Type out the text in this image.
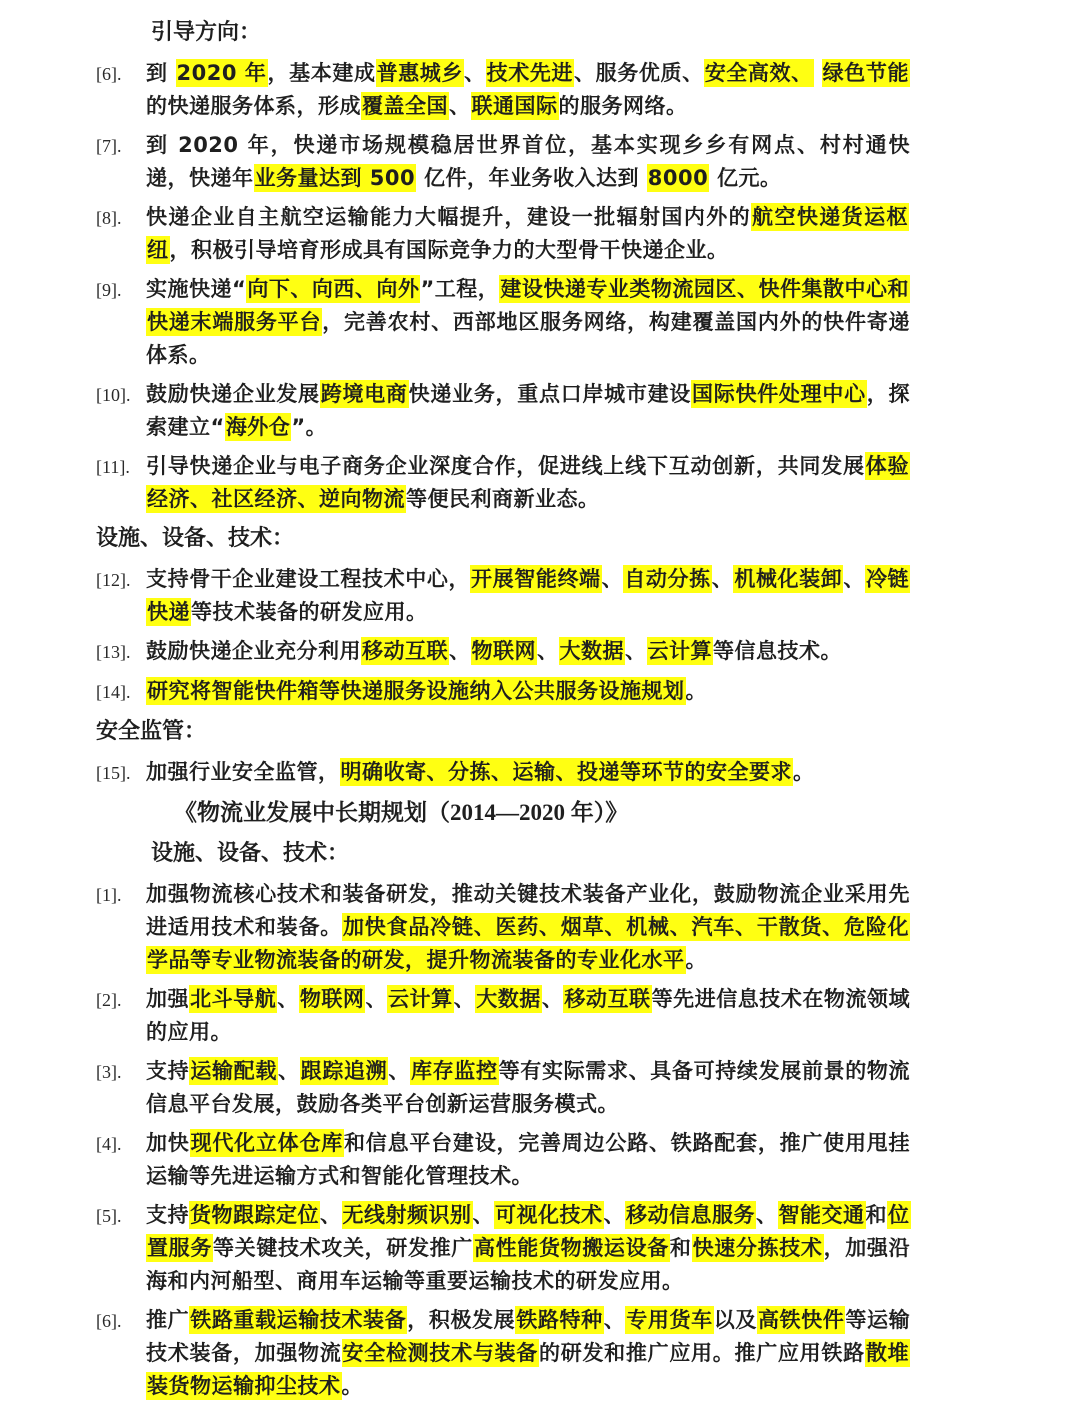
引导方向：
[6].	到 2020 年，基本建成普惠城乡、技术先进、服务优质、安全高效、 绿色节能的快递服务体系，形成覆盖全国、联通国际的服务网络。
[7].	到 2020 年，快递市场规模稳居世界首位，基本实现乡乡有网点、村村通快递，快递年业务量达到 500 亿件，年业务收入达到 8000 亿元。
[8].	快递企业自主航空运输能力大幅提升，建设一批辐射国内外的航空快递货运枢纽，积极引导培育形成具有国际竞争力的大型骨干快递企业。
[9].	实施快递“向下、向西、向外”工程，建设快递专业类物流园区、快件集散中心和快递末端服务平台，完善农村、西部地区服务网络，构建覆盖国内外的快件寄递体系。
[10]. 鼓励快递企业发展跨境电商快递业务，重点口岸城市建设国际快件处理中心，探索建立“海外仓”。
[11]. 引导快递企业与电子商务企业深度合作，促进线上线下互动创新，共同发展体验经济、社区经济、逆向物流等便民利商新业态。
设施、设备、技术：
[12]. 支持骨干企业建设工程技术中心，开展智能终端、自动分拣、机械化装卸、冷链快递等技术装备的研发应用。
[13]. 鼓励快递企业充分利用移动互联、物联网、大数据、云计算等信息技术。
[14]. 研究将智能快件箱等快递服务设施纳入公共服务设施规划。
安全监管：
[15]. 加强行业安全监管，明确收寄、分拣、运输、投递等环节的安全要求。
《物流业发展中长期规划（2014—2020 年）》
设施、设备、技术：
[1].	加强物流核心技术和装备研发，推动关键技术装备产业化，鼓励物流企业采用先进适用技术和装备。加快食品冷链、医药、烟草、机械、汽车、干散货、危险化学品等专业物流装备的研发，提升物流装备的专业化水平。
[2].	加强北斗导航、物联网、云计算、大数据、移动互联等先进信息技术在物流领域的应用。
[3].	支持运输配载、跟踪追溯、库存监控等有实际需求、具备可持续发展前景的物流信息平台发展，鼓励各类平台创新运营服务模式。
[4].	加快现代化立体仓库和信息平台建设，完善周边公路、铁路配套，推广使用甩挂运输等先进运输方式和智能化管理技术。
[5].	支持货物跟踪定位、无线射频识别、可视化技术、移动信息服务、智能交通和位置服务等关键技术攻关，研发推广高性能货物搬运设备和快速分拣技术，加强沿海和内河船型、商用车运输等重要运输技术的研发应用。
[6].	推广铁路重载运输技术装备，积极发展铁路特种、专用货车以及高铁快件等运输技术装备，加强物流安全检测技术与装备的研发和推广应用。推广应用铁路散堆装货物运输抑尘技术。
